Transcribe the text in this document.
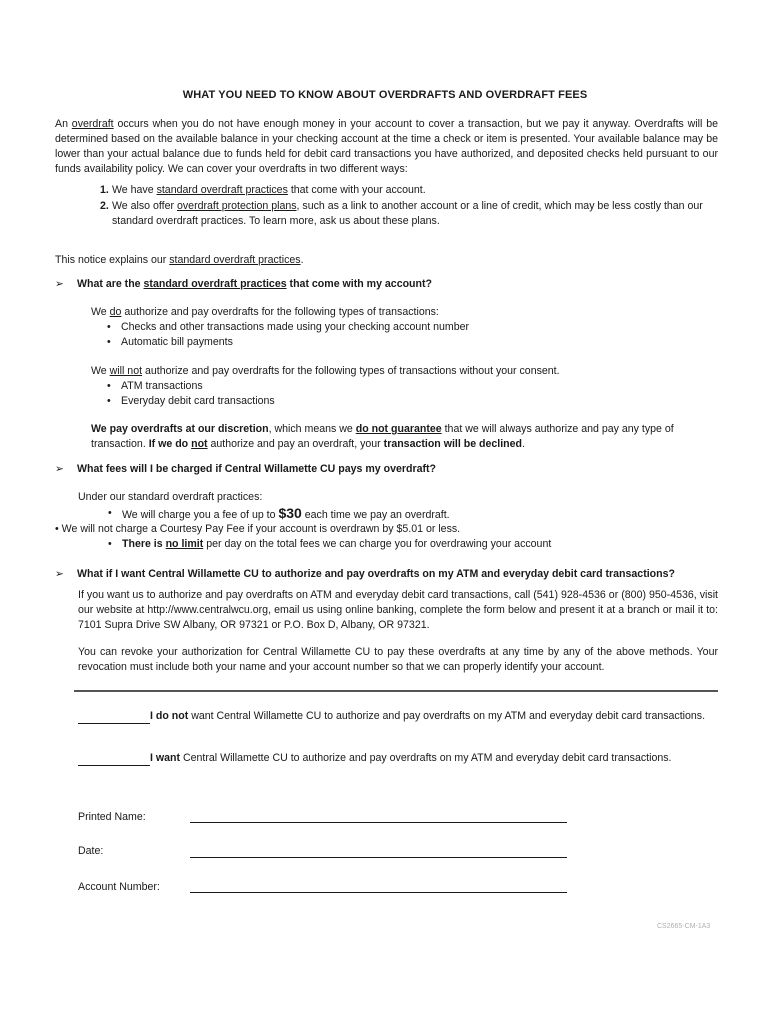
WHAT YOU NEED TO KNOW ABOUT OVERDRAFTS AND OVERDRAFT FEES
An overdraft occurs when you do not have enough money in your account to cover a transaction, but we pay it anyway. Overdrafts will be determined based on the available balance in your checking account at the time a check or item is presented. Your available balance may be lower than your actual balance due to funds held for debit card transactions you have authorized, and deposited checks held pursuant to our funds availability policy. We can cover your overdrafts in two different ways:
1. We have standard overdraft practices that come with your account.
2. We also offer overdraft protection plans, such as a link to another account or a line of credit, which may be less costly than our standard overdraft practices. To learn more, ask us about these plans.
This notice explains our standard overdraft practices.
➢ What are the standard overdraft practices that come with my account?
We do authorize and pay overdrafts for the following types of transactions:
• Checks and other transactions made using your checking account number
• Automatic bill payments
We will not authorize and pay overdrafts for the following types of transactions without your consent.
• ATM transactions
• Everyday debit card transactions
We pay overdrafts at our discretion, which means we do not guarantee that we will always authorize and pay any type of transaction. If we do not authorize and pay an overdraft, your transaction will be declined.
➢ What fees will I be charged if Central Willamette CU pays my overdraft?
Under our standard overdraft practices:
• We will charge you a fee of up to $30 each time we pay an overdraft.
• We will not charge a Courtesy Pay Fee if your account is overdrawn by $5.01 or less.
• There is no limit per day on the total fees we can charge you for overdrawing your account
➢ What if I want Central Willamette CU to authorize and pay overdrafts on my ATM and everyday debit card transactions?
If you want us to authorize and pay overdrafts on ATM and everyday debit card transactions, call (541) 928-4536 or (800) 950-4536, visit our website at http://www.centralwcu.org, email us using online banking, complete the form below and present it at a branch or mail it to: 7101 Supra Drive SW Albany, OR 97321 or P.O. Box D, Albany, OR 97321.
You can revoke your authorization for Central Willamette CU to pay these overdrafts at any time by any of the above methods. Your revocation must include both your name and your account number so that we can properly identify your account.
I do not want Central Willamette CU to authorize and pay overdrafts on my ATM and everyday debit card transactions.
I want Central Willamette CU to authorize and pay overdrafts on my ATM and everyday debit card transactions.
Printed Name:
Date:
Account Number:
CS2665-CM-1A3
